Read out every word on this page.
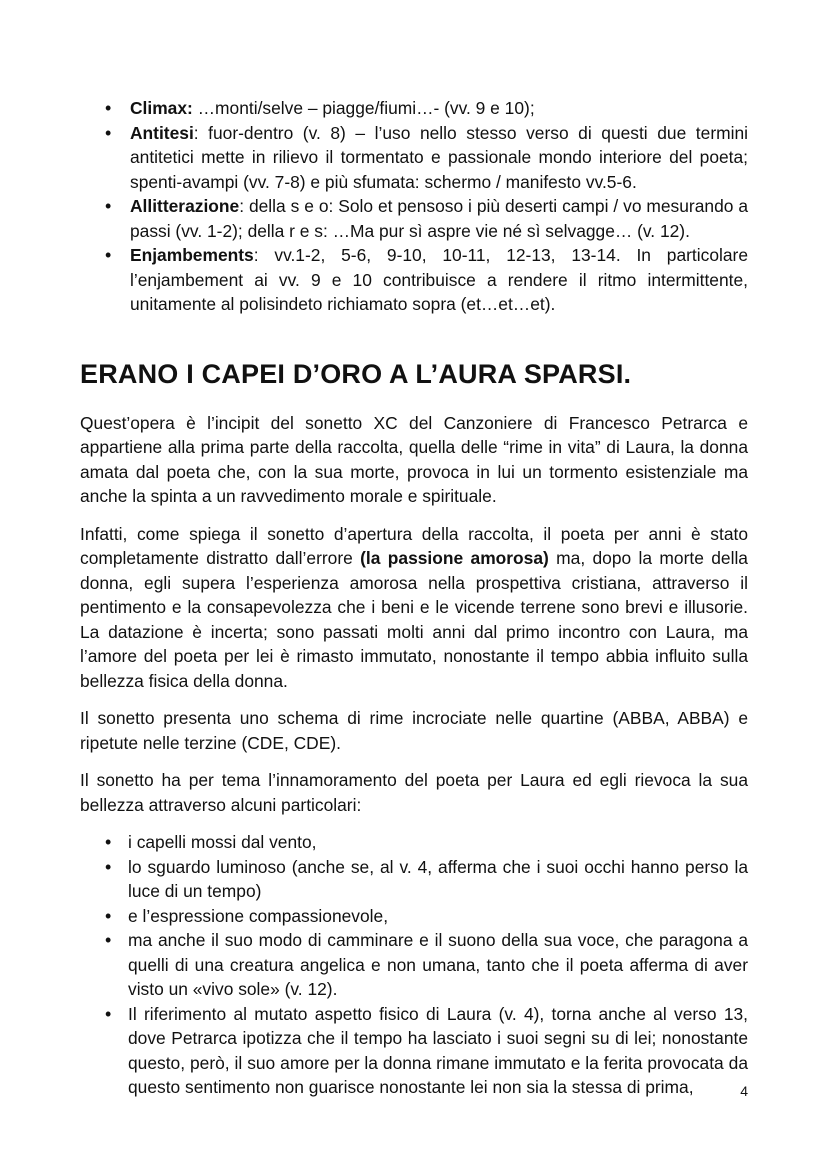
• Climax: …monti/selve – piagge/fiumi…- (vv. 9 e 10);
• Antitesi: fuor-dentro (v. 8) – l’uso nello stesso verso di questi due termini antitetici mette in rilievo il tormentato e passionale mondo interiore del poeta; spenti-avampi (vv. 7-8) e più sfumata: schermo / manifesto vv.5-6.
• Allitterazione: della s e o: Solo et pensoso i più deserti campi / vo mesurando a passi (vv. 1-2); della r e s: …Ma pur sì aspre vie né sì selvagge… (v. 12).
• Enjambements: vv.1-2, 5-6, 9-10, 10-11, 12-13, 13-14. In particolare l’enjambement ai vv. 9 e 10 contribuisce a rendere il ritmo intermittente, unitamente al polisindeto richiamato sopra (et…et…et).
ERANO I CAPEI D’ORO A L’AURA SPARSI.

Quest’opera è l’incipit del sonetto XC del Canzoniere di Francesco Petrarca e appartiene alla prima parte della raccolta, quella delle “rime in vita” di Laura, la donna amata dal poeta che, con la sua morte, provoca in lui un tormento esistenziale ma anche la spinta a un ravvedimento morale e spirituale.

Infatti, come spiega il sonetto d’apertura della raccolta, il poeta per anni è stato completamente distratto dall’errore (la passione amorosa) ma, dopo la morte della donna, egli supera l’esperienza amorosa nella prospettiva cristiana, attraverso il pentimento e la consapevolezza che i beni e le vicende terrene sono brevi e illusorie. La datazione è incerta; sono passati molti anni dal primo incontro con Laura, ma l’amore del poeta per lei è rimasto immutato, nonostante il tempo abbia influito sulla bellezza fisica della donna.

Il sonetto presenta uno schema di rime incrociate nelle quartine (ABBA, ABBA) e ripetute nelle terzine (CDE, CDE).

Il sonetto ha per tema l’innamoramento del poeta per Laura ed egli rievoca la sua bellezza attraverso alcuni particolari:

• i capelli mossi dal vento,
• lo sguardo luminoso (anche se, al v. 4, afferma che i suoi occhi hanno perso la luce di un tempo)
• e l’espressione compassionevole,
• ma anche il suo modo di camminare e il suono della sua voce, che paragona a quelli di una creatura angelica e non umana, tanto che il poeta afferma di aver visto un «vivo sole» (v. 12).
• Il riferimento al mutato aspetto fisico di Laura (v. 4), torna anche al verso 13, dove Petrarca ipotizza che il tempo ha lasciato i suoi segni su di lei; nonostante questo, però, il suo amore per la donna rimane immutato e la ferita provocata da questo sentimento non guarisce nonostante lei non sia la stessa di prima,	4
